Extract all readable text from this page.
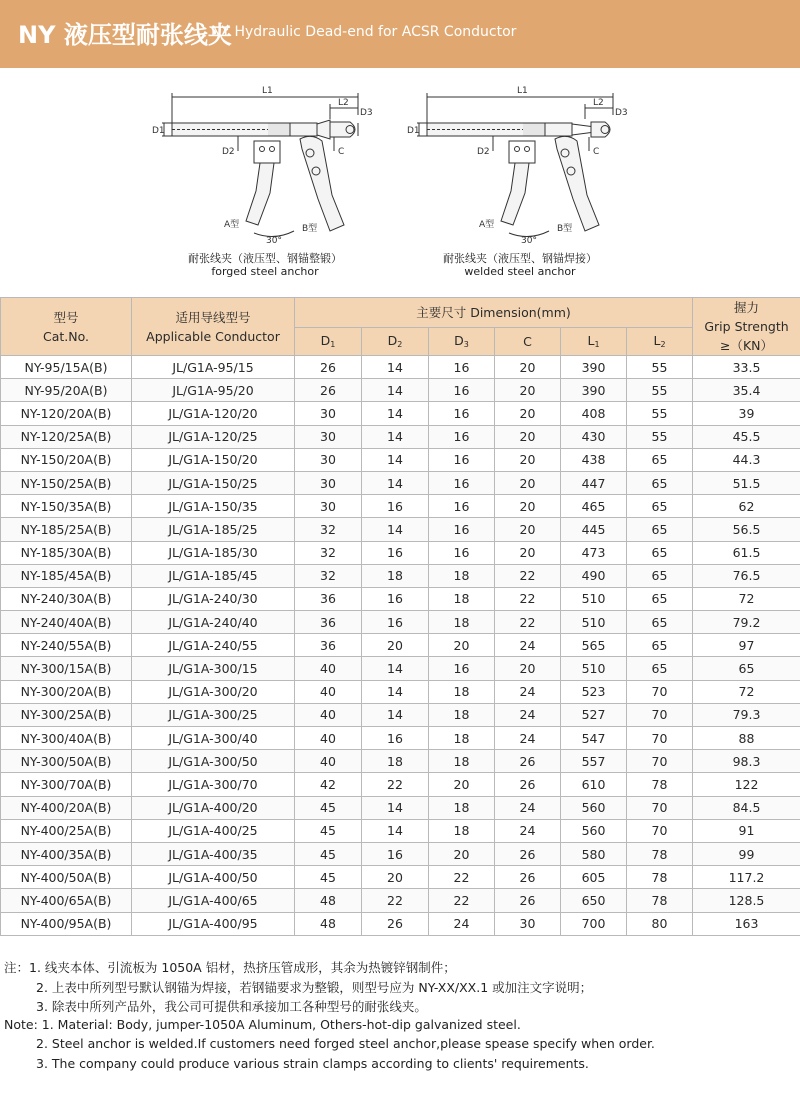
NY 液压型耐张线夹
NY Hydraulic Dead-end for ACSR Conductor
L1
L2
D3
D1
D2	C
A型	B型
30°
耐张线夹（液压型、钢锚整锻）
forged steel anchor
L1
L2
D3
D1
D2	C
A型	B型
30°
耐张线夹（液压型、钢锚焊接）
welded steel anchor
型号
Cat.No.	适用导线型号
Applicable Conductor	主要尺寸 Dimension(mm)						握力
Grip Strength
≥（KN）

		$D_1$	$D_2$	$D_3$	C	$L_1$	$L_2$
NY-95/15A(B)	JL/G1A-95/15	26	14	16	20	390	55	33.5
NY-95/20A(B)	JL/G1A-95/20	26	14	16	20	390	55	35.4
NY-120/20A(B)	JL/G1A-120/20	30	14	16	20	408	55	39
NY-120/25A(B)	JL/G1A-120/25	30	14	16	20	430	55	45.5
NY-150/20A(B)	JL/G1A-150/20	30	14	16	20	438	65	44.3
NY-150/25A(B)	JL/G1A-150/25	30	14	16	20	447	65	51.5
NY-150/35A(B)	JL/G1A-150/35	30	16	16	20	465	65	62
NY-185/25A(B)	JL/G1A-185/25	32	14	16	20	445	65	56.5
NY-185/30A(B)	JL/G1A-185/30	32	16	16	20	473	65	61.5
NY-185/45A(B)	JL/G1A-185/45	32	18	18	22	490	65	76.5
NY-240/30A(B)	JL/G1A-240/30	36	16	18	22	510	65	72
NY-240/40A(B)	JL/G1A-240/40	36	16	18	22	510	65	79.2
NY-240/55A(B)	JL/G1A-240/55	36	20	20	24	565	65	97
NY-300/15A(B)	JL/G1A-300/15	40	14	16	20	510	65	65
NY-300/20A(B)	JL/G1A-300/20	40	14	18	24	523	70	72
NY-300/25A(B)	JL/G1A-300/25	40	14	18	24	527	70	79.3
NY-300/40A(B)	JL/G1A-300/40	40	16	18	24	547	70	88
NY-300/50A(B)	JL/G1A-300/50	40	18	18	26	557	70	98.3
NY-300/70A(B)	JL/G1A-300/70	42	22	20	26	610	78	122
NY-400/20A(B)	JL/G1A-400/20	45	14	18	24	560	70	84.5
NY-400/25A(B)	JL/G1A-400/25	45	14	18	24	560	70	91
NY-400/35A(B)	JL/G1A-400/35	45	16	20	26	580	78	99
NY-400/50A(B)	JL/G1A-400/50	45	20	22	26	605	78	117.2
NY-400/65A(B)	JL/G1A-400/65	48	22	22	26	650	78	128.5
NY-400/95A(B)	JL/G1A-400/95	48	26	24	30	700	80	163
注：1. 线夹本体、引流板为 1050A 铝材，热挤压管成形，其余为热镀锌钢制件；
2. 上表中所列型号默认钢锚为焊接，若钢锚要求为整锻，则型号应为 NY-XX/XX.1 或加注文字说明；
3. 除表中所列产品外，我公司可提供和承接加工各种型号的耐张线夹。
Note: 1. Material: Body, jumper-1050A Aluminum, Others-hot-dip galvanized steel.
2. Steel anchor is welded.If customers need forged steel anchor,please spease specify when order.
3. The company could produce various strain clamps according to clients' requirements.
